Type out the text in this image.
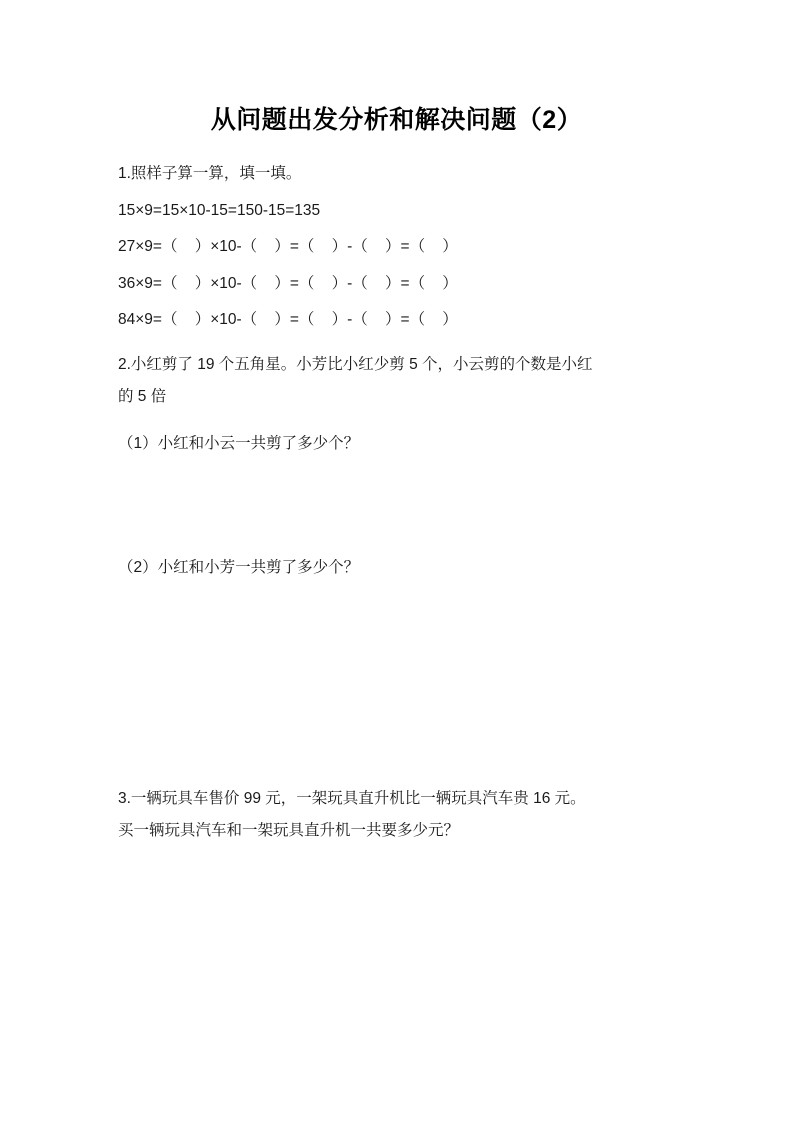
从问题出发分析和解决问题（2）

1.照样子算一算，填一填。

15×9=15×10-15=150-15=135

27×9=（    ）×10-（    ）=（    ）-（    ）=（    ）

36×9=（    ）×10-（    ）=（    ）-（    ）=（    ）

84×9=（    ）×10-（    ）=（    ）-（    ）=（    ）

2.小红剪了 19 个五角星。小芳比小红少剪 5 个，小云剪的个数是小红

的 5 倍

（1）小红和小云一共剪了多少个？

（2）小红和小芳一共剪了多少个？

3.一辆玩具车售价 99 元，一架玩具直升机比一辆玩具汽车贵 16 元。

买一辆玩具汽车和一架玩具直升机一共要多少元？
